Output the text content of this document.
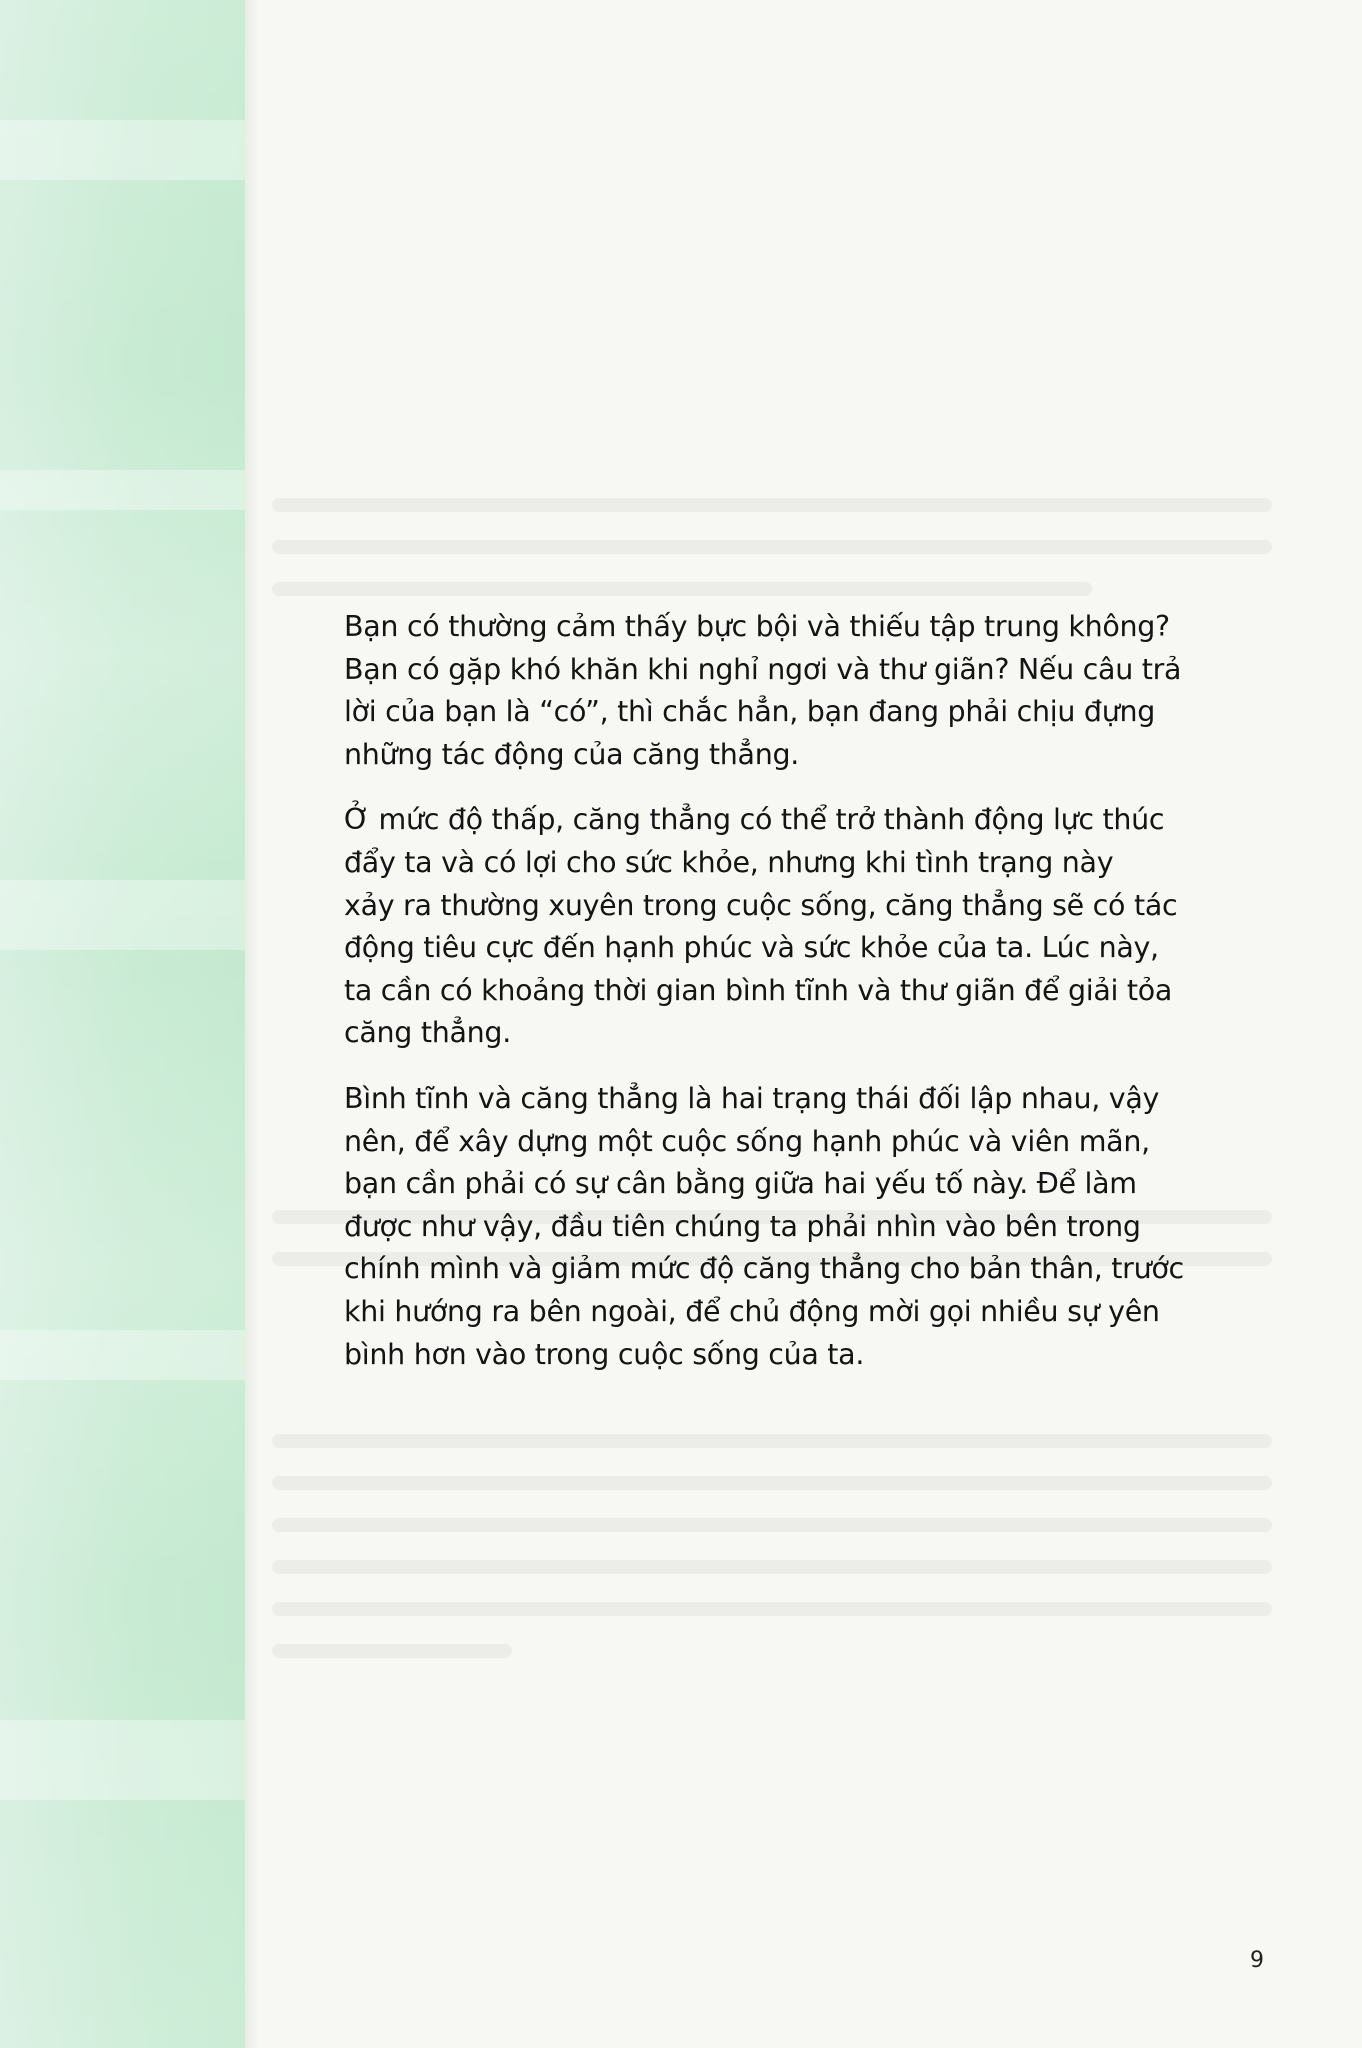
Bạn có thường cảm thấy bực bội và thiếu tập trung không?
Bạn có gặp khó khăn khi nghỉ ngơi và thư giãn? Nếu câu trả
lời của bạn là “có”, thì chắc hẳn, bạn đang phải chịu đựng
những tác động của căng thẳng.

Ở mức độ thấp, căng thẳng có thể trở thành động lực thúc
đẩy ta và có lợi cho sức khỏe, nhưng khi tình trạng này
xảy ra thường xuyên trong cuộc sống, căng thẳng sẽ có tác
động tiêu cực đến hạnh phúc và sức khỏe của ta. Lúc này,
ta cần có khoảng thời gian bình tĩnh và thư giãn để giải tỏa
căng thẳng.

Bình tĩnh và căng thẳng là hai trạng thái đối lập nhau, vậy
nên, để xây dựng một cuộc sống hạnh phúc và viên mãn,
bạn cần phải có sự cân bằng giữa hai yếu tố này. Để làm
được như vậy, đầu tiên chúng ta phải nhìn vào bên trong
chính mình và giảm mức độ căng thẳng cho bản thân, trước
khi hướng ra bên ngoài, để chủ động mời gọi nhiều sự yên
bình hơn vào trong cuộc sống của ta.

9
